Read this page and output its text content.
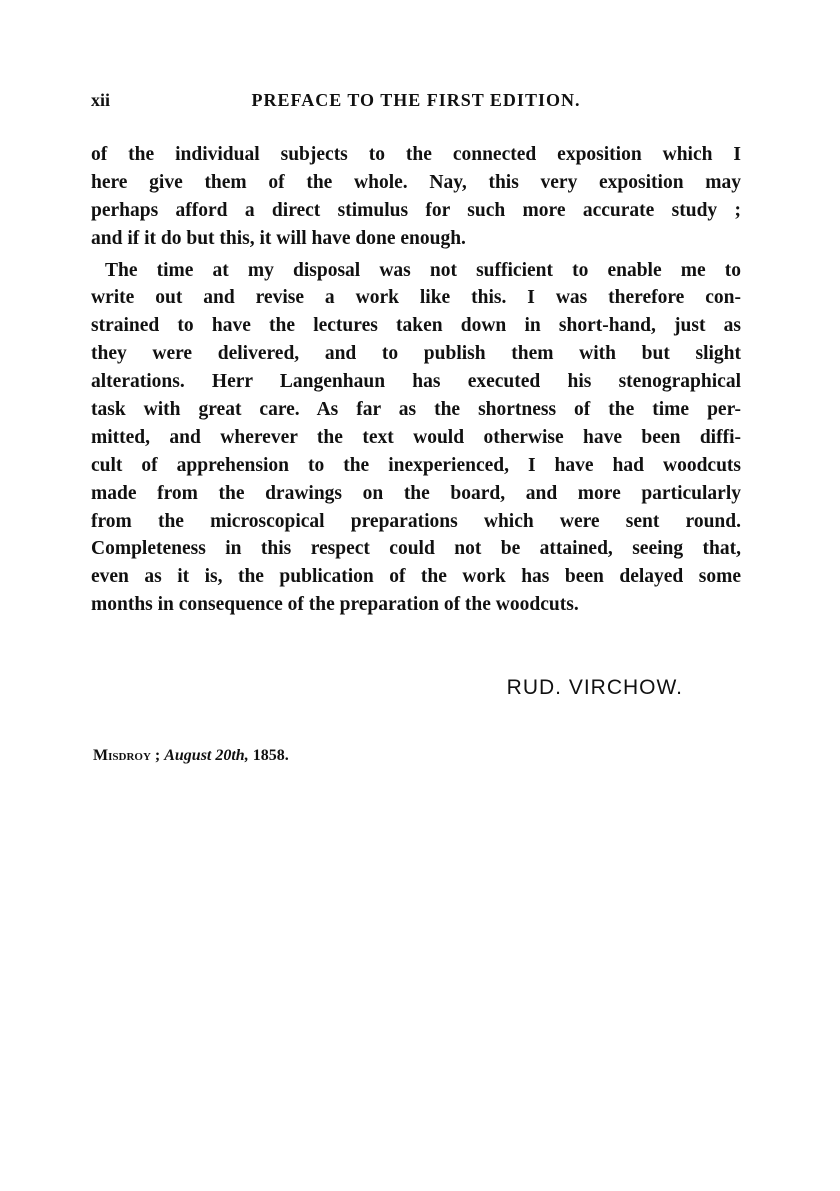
xii	PREFACE TO THE FIRST EDITION.
of the individual subjects to the connected exposition which I
here give them of the whole. Nay, this very exposition may
perhaps afford a direct stimulus for such more accurate study ;
and if it do but this, it will have done enough.
The time at my disposal was not sufficient to enable me to
write out and revise a work like this. I was therefore con-
strained to have the lectures taken down in short-hand, just as
they were delivered, and to publish them with but slight
alterations. Herr Langenhaun has executed his stenographical
task with great care. As far as the shortness of the time per-
mitted, and wherever the text would otherwise have been diffi-
cult of apprehension to the inexperienced, I have had woodcuts
made from the drawings on the board, and more particularly
from the microscopical preparations which were sent round.
Completeness in this respect could not be attained, seeing that,
even as it is, the publication of the work has been delayed some
months in consequence of the preparation of the woodcuts.
RUD. VIRCHOW.
Misdroy ; August 20th, 1858.
